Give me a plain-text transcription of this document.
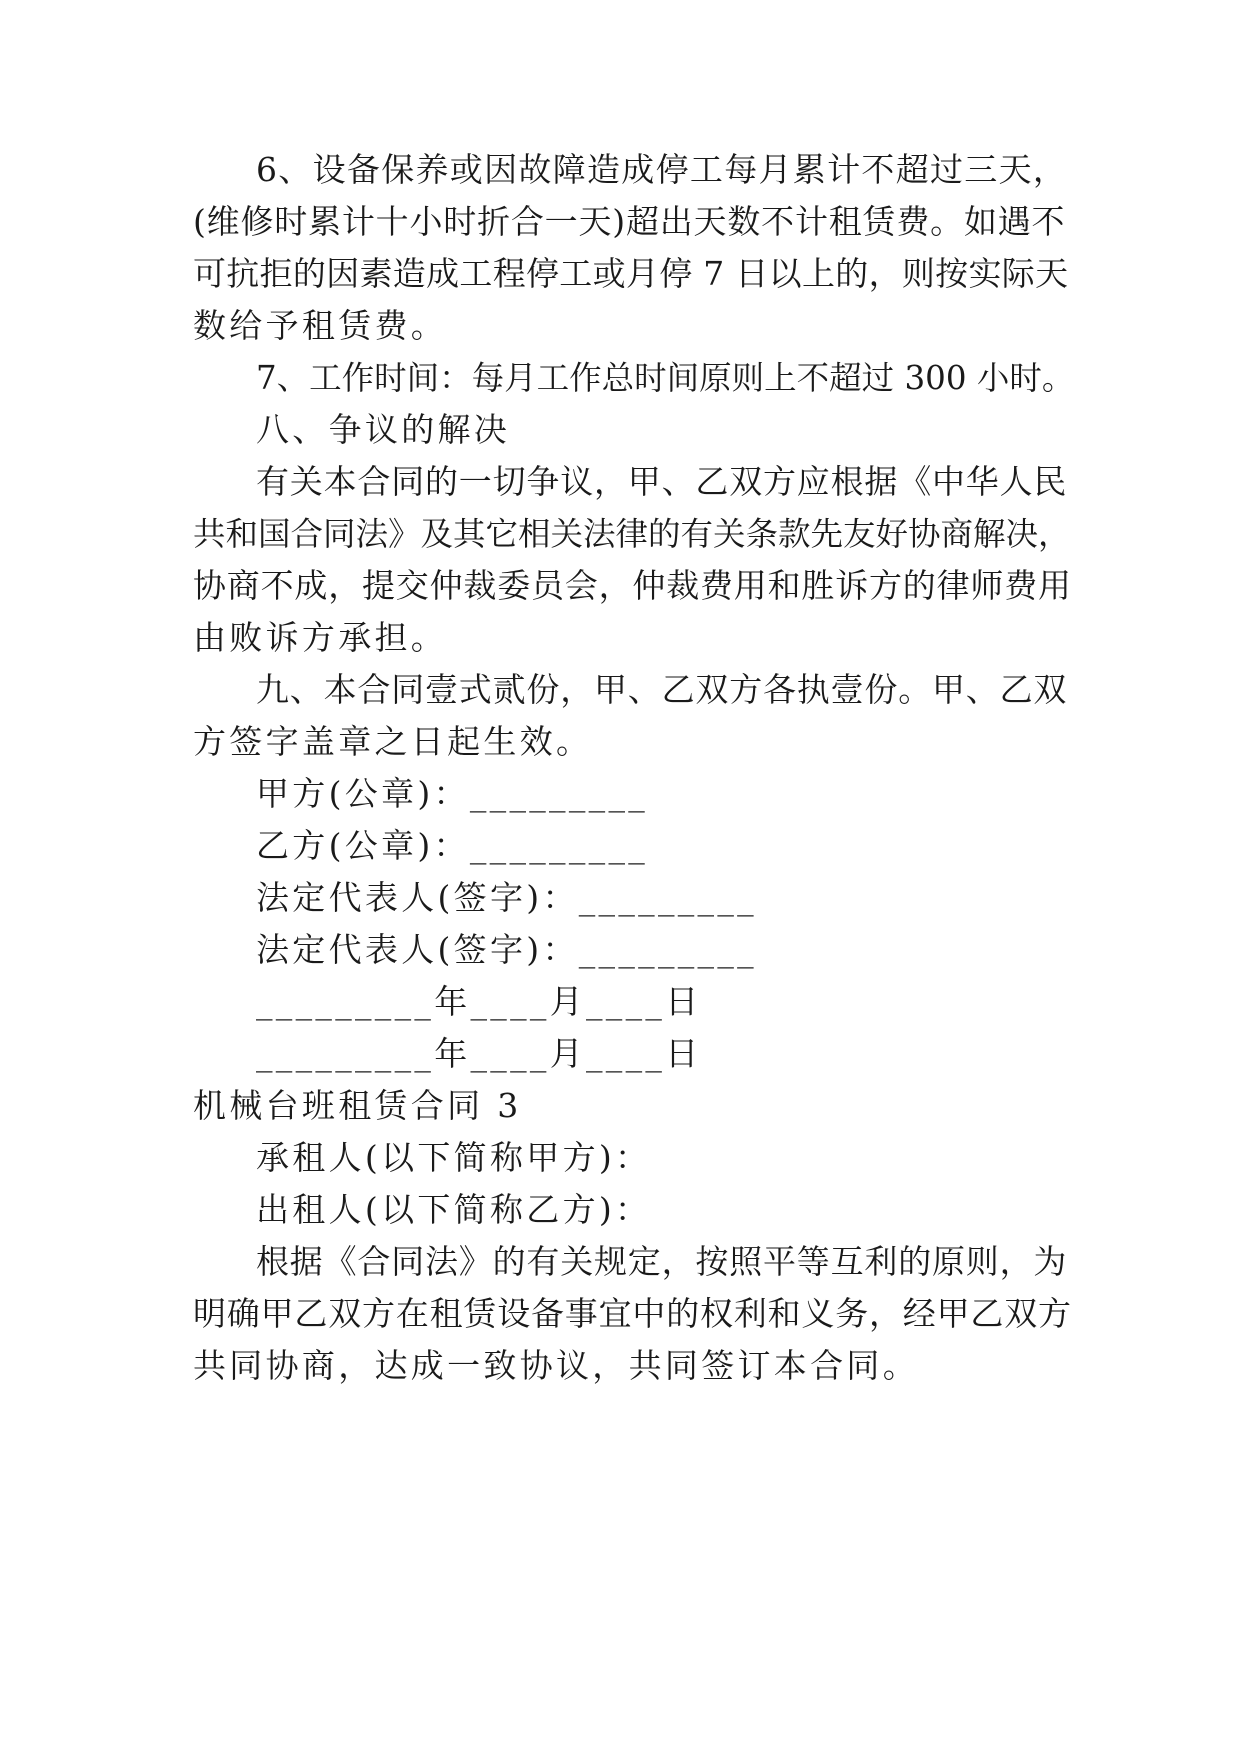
6、设备保养或因故障造成停工每月累计不超过三天，
(维修时累计十小时折合一天)超出天数不计租赁费。如遇不
可抗拒的因素造成工程停工或月停 7 日以上的，则按实际天
数给予租赁费。
7、工作时间：每月工作总时间原则上不超过 300 小时。
八、争议的解决
有关本合同的一切争议，甲、乙双方应根据《中华人民
共和国合同法》及其它相关法律的有关条款先友好协商解决，
协商不成，提交仲裁委员会，仲裁费用和胜诉方的律师费用
由败诉方承担。
九、本合同壹式贰份，甲、乙双方各执壹份。甲、乙双
方签字盖章之日起生效。
甲方(公章)：_________
乙方(公章)：_________
法定代表人(签字)：_________
法定代表人(签字)：_________
_________年____月____日
_________年____月____日
机械台班租赁合同 3
承租人(以下简称甲方)：
出租人(以下简称乙方)：
根据《合同法》的有关规定，按照平等互利的原则，为
明确甲乙双方在租赁设备事宜中的权利和义务，经甲乙双方
共同协商，达成一致协议，共同签订本合同。
